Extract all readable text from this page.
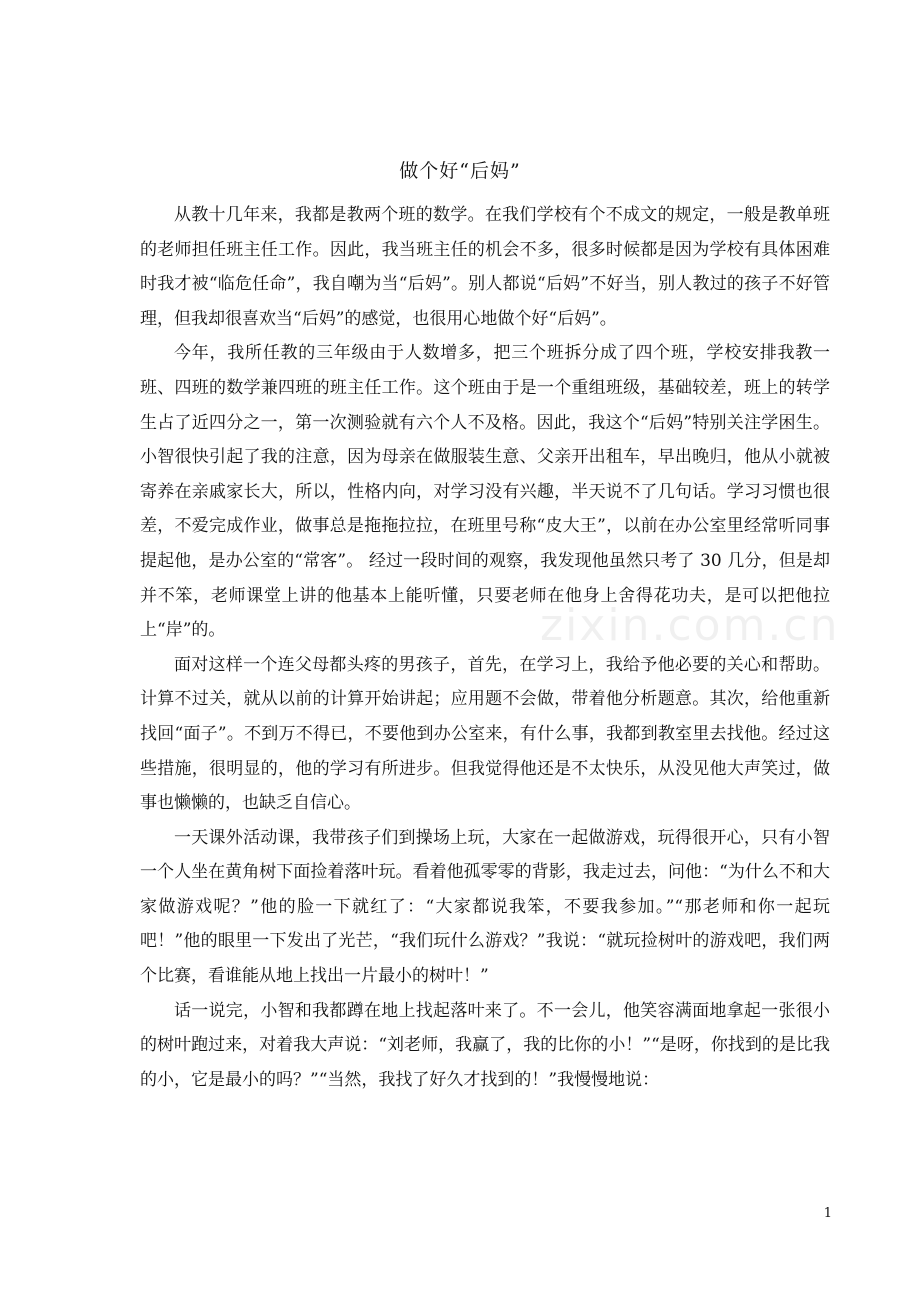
做个好“后妈”

从教十几年来，我都是教两个班的数学。在我们学校有个不成文的规定，一般是教单班的老师担任班主任工作。因此，我当班主任的机会不多，很多时候都是因为学校有具体困难时我才被“临危任命”，我自嘲为当“后妈”。别人都说“后妈”不好当，别人教过的孩子不好管理，但我却很喜欢当“后妈”的感觉，也很用心地做个好“后妈”。

今年，我所任教的三年级由于人数增多，把三个班拆分成了四个班，学校安排我教一班、四班的数学兼四班的班主任工作。这个班由于是一个重组班级，基础较差，班上的转学生占了近四分之一，第一次测验就有六个人不及格。因此，我这个“后妈”特别关注学困生。小智很快引起了我的注意，因为母亲在做服装生意、父亲开出租车，早出晚归，他从小就被寄养在亲戚家长大，所以，性格内向，对学习没有兴趣，半天说不了几句话。学习习惯也很差，不爱完成作业，做事总是拖拖拉拉，在班里号称“皮大王”，以前在办公室里经常听同事提起他，是办公室的“常客”。 经过一段时间的观察，我发现他虽然只考了 30 几分，但是却并不笨，老师课堂上讲的他基本上能听懂，只要老师在他身上舍得花功夫，是可以把他拉上“岸”的。

面对这样一个连父母都头疼的男孩子，首先，在学习上，我给予他必要的关心和帮助。计算不过关，就从以前的计算开始讲起；应用题不会做，带着他分析题意。其次，给他重新找回“面子”。不到万不得已，不要他到办公室来，有什么事，我都到教室里去找他。经过这些措施，很明显的，他的学习有所进步。但我觉得他还是不太快乐，从没见他大声笑过，做事也懒懒的，也缺乏自信心。

一天课外活动课，我带孩子们到操场上玩，大家在一起做游戏，玩得很开心，只有小智一个人坐在黄角树下面捡着落叶玩。看着他孤零零的背影，我走过去，问他：“为什么不和大家做游戏呢？”他的脸一下就红了：“大家都说我笨，不要我参加。”“那老师和你一起玩吧！”他的眼里一下发出了光芒，“我们玩什么游戏？”我说：“就玩捡树叶的游戏吧，我们两个比赛，看谁能从地上找出一片最小的树叶！”

话一说完，小智和我都蹲在地上找起落叶来了。不一会儿，他笑容满面地拿起一张很小的树叶跑过来，对着我大声说：“刘老师，我赢了，我的比你的小！”“是呀，你找到的是比我的小，它是最小的吗？”“当然，我找了好久才找到的！”我慢慢地说：

zixin.com.cn
1
